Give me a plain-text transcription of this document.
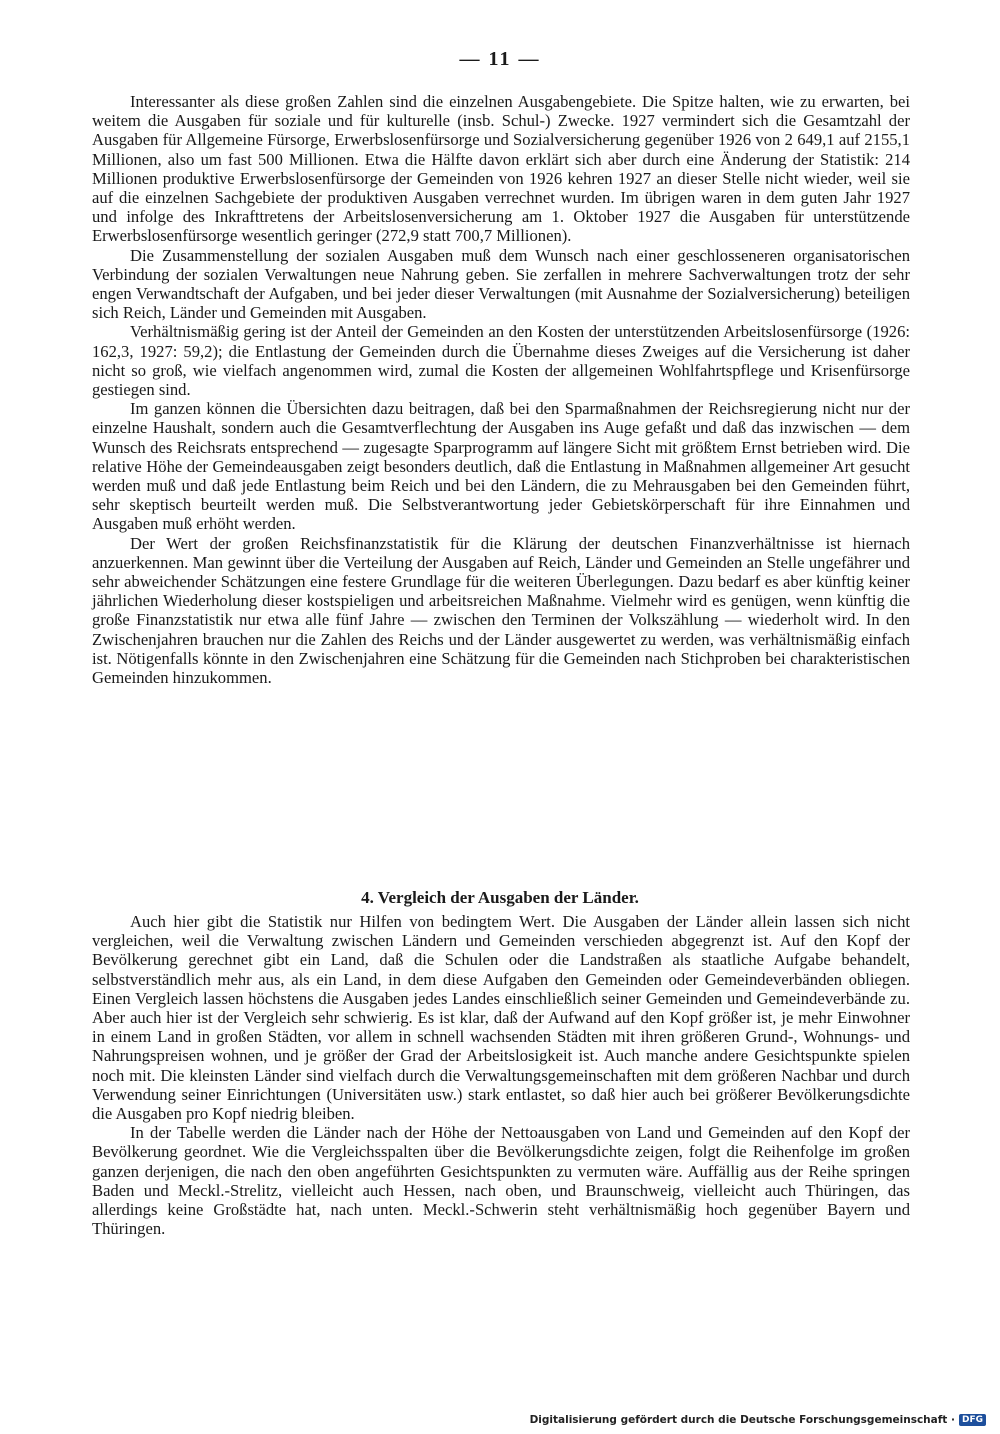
— 11 —

Interessanter als diese großen Zahlen sind die einzelnen Ausgabengebiete. Die Spitze halten, wie zu erwarten, bei weitem die Ausgaben für soziale und für kulturelle (insb. Schul-) Zwecke. 1927 vermindert sich die Gesamtzahl der Ausgaben für Allgemeine Fürsorge, Erwerbslosenfürsorge und Sozialversicherung gegenüber 1926 von 2 649,1 auf 2155,1 Millionen, also um fast 500 Millionen. Etwa die Hälfte davon erklärt sich aber durch eine Änderung der Statistik: 214 Millionen produktive Erwerbslosenfürsorge der Gemeinden von 1926 kehren 1927 an dieser Stelle nicht wieder, weil sie auf die einzelnen Sachgebiete der produktiven Ausgaben verrechnet wurden. Im übrigen waren in dem guten Jahr 1927 und infolge des Inkrafttretens der Arbeitslosenversicherung am 1. Oktober 1927 die Ausgaben für unterstützende Erwerbslosenfürsorge wesentlich geringer (272,9 statt 700,7 Millionen).

Die Zusammenstellung der sozialen Ausgaben muß dem Wunsch nach einer geschlosseneren organisatorischen Verbindung der sozialen Verwaltungen neue Nahrung geben. Sie zerfallen in mehrere Sachverwaltungen trotz der sehr engen Verwandtschaft der Aufgaben, und bei jeder dieser Verwaltungen (mit Ausnahme der Sozialversicherung) beteiligen sich Reich, Länder und Gemeinden mit Ausgaben.

Verhältnismäßig gering ist der Anteil der Gemeinden an den Kosten der unterstützenden Arbeitslosenfürsorge (1926: 162,3, 1927: 59,2); die Entlastung der Gemeinden durch die Übernahme dieses Zweiges auf die Versicherung ist daher nicht so groß, wie vielfach angenommen wird, zumal die Kosten der allgemeinen Wohlfahrtspflege und Krisenfürsorge gestiegen sind.

Im ganzen können die Übersichten dazu beitragen, daß bei den Sparmaßnahmen der Reichsregierung nicht nur der einzelne Haushalt, sondern auch die Gesamtverflechtung der Ausgaben ins Auge gefaßt und daß das inzwischen — dem Wunsch des Reichsrats entsprechend — zugesagte Sparprogramm auf längere Sicht mit größtem Ernst betrieben wird. Die relative Höhe der Gemeindeausgaben zeigt besonders deutlich, daß die Entlastung in Maßnahmen allgemeiner Art gesucht werden muß und daß jede Entlastung beim Reich und bei den Ländern, die zu Mehrausgaben bei den Gemeinden führt, sehr skeptisch beurteilt werden muß. Die Selbstverantwortung jeder Gebietskörperschaft für ihre Einnahmen und Ausgaben muß erhöht werden.

Der Wert der großen Reichsfinanzstatistik für die Klärung der deutschen Finanzverhältnisse ist hiernach anzuerkennen. Man gewinnt über die Verteilung der Ausgaben auf Reich, Länder und Gemeinden an Stelle ungefährer und sehr abweichender Schätzungen eine festere Grundlage für die weiteren Überlegungen. Dazu bedarf es aber künftig keiner jährlichen Wiederholung dieser kostspieligen und arbeitsreichen Maßnahme. Vielmehr wird es genügen, wenn künftig die große Finanzstatistik nur etwa alle fünf Jahre — zwischen den Terminen der Volkszählung — wiederholt wird. In den Zwischenjahren brauchen nur die Zahlen des Reichs und der Länder ausgewertet zu werden, was verhältnismäßig einfach ist. Nötigenfalls könnte in den Zwischenjahren eine Schätzung für die Gemeinden nach Stichproben bei charakteristischen Gemeinden hinzukommen.

4. Vergleich der Ausgaben der Länder.

Auch hier gibt die Statistik nur Hilfen von bedingtem Wert. Die Ausgaben der Länder allein lassen sich nicht vergleichen, weil die Verwaltung zwischen Ländern und Gemeinden verschieden abgegrenzt ist. Auf den Kopf der Bevölkerung gerechnet gibt ein Land, daß die Schulen oder die Landstraßen als staatliche Aufgabe behandelt, selbstverständlich mehr aus, als ein Land, in dem diese Aufgaben den Gemeinden oder Gemeindeverbänden obliegen. Einen Vergleich lassen höchstens die Ausgaben jedes Landes einschließlich seiner Gemeinden und Gemeindeverbände zu. Aber auch hier ist der Vergleich sehr schwierig. Es ist klar, daß der Aufwand auf den Kopf größer ist, je mehr Einwohner in einem Land in großen Städten, vor allem in schnell wachsenden Städten mit ihren größeren Grund-, Wohnungs- und Nahrungspreisen wohnen, und je größer der Grad der Arbeitslosigkeit ist. Auch manche andere Gesichtspunkte spielen noch mit. Die kleinsten Länder sind vielfach durch die Verwaltungsgemeinschaften mit dem größeren Nachbar und durch Verwendung seiner Einrichtungen (Universitäten usw.) stark entlastet, so daß hier auch bei größerer Bevölkerungsdichte die Ausgaben pro Kopf niedrig bleiben.

In der Tabelle werden die Länder nach der Höhe der Nettoausgaben von Land und Gemeinden auf den Kopf der Bevölkerung geordnet. Wie die Vergleichsspalten über die Bevölkerungsdichte zeigen, folgt die Reihenfolge im großen ganzen derjenigen, die nach den oben angeführten Gesichtspunkten zu vermuten wäre. Auffällig aus der Reihe springen Baden und Meckl.-Strelitz, vielleicht auch Hessen, nach oben, und Braunschweig, vielleicht auch Thüringen, das allerdings keine Großstädte hat, nach unten. Meckl.-Schwerin steht verhältnismäßig hoch gegenüber Bayern und Thüringen.

Digitalisierung gefördert durch die Deutsche Forschungsgemeinschaft · DFG
